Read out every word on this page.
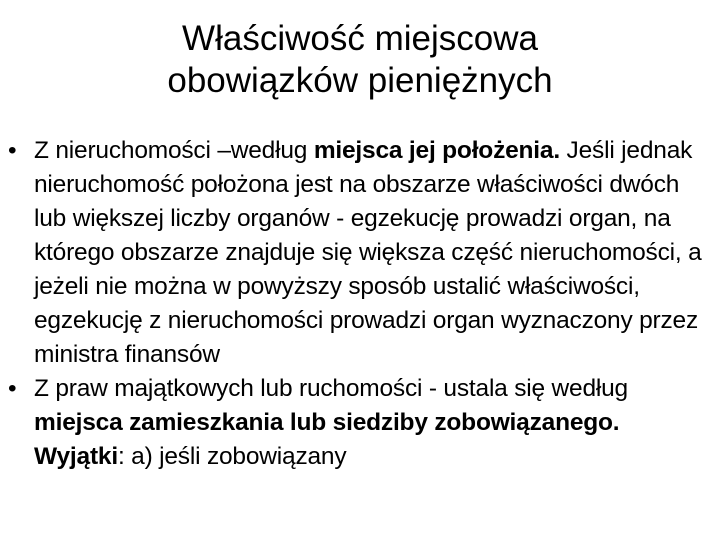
Właściwość miejscowa
obowiązków pieniężnych
• Z nieruchomości –według miejsca jej położenia. Jeśli jednak nieruchomość położona jest na obszarze właściwości dwóch lub większej liczby organów - egzekucję prowadzi organ, na którego obszarze znajduje się większa część nieruchomości, a jeżeli nie można w powyższy sposób ustalić właściwości, egzekucję z nieruchomości prowadzi organ wyznaczony przez ministra finansów
• Z praw majątkowych lub ruchomości - ustala się według miejsca zamieszkania lub siedziby zobowiązanego. Wyjątki: a) jeśli zobowiązany
